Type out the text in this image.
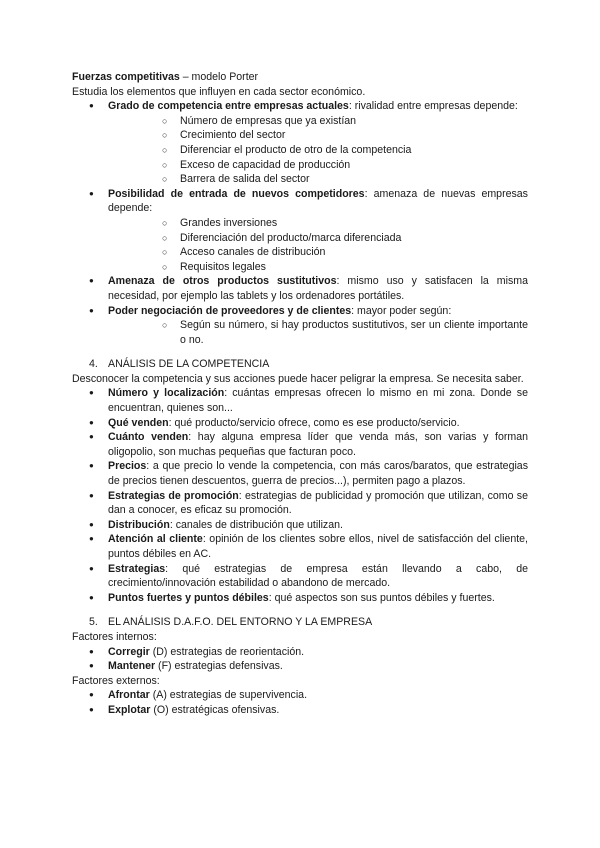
Fuerzas competitivas – modelo Porter

Estudia los elementos que influyen en cada sector económico.

● Grado de competencia entre empresas actuales: rivalidad entre empresas depende:
○ Número de empresas que ya existían
○ Crecimiento del sector
○ Diferenciar el producto de otro de la competencia
○ Exceso de capacidad de producción
○ Barrera de salida del sector
● Posibilidad de entrada de nuevos competidores: amenaza de nuevas empresas depende:
○ Grandes inversiones
○ Diferenciación del producto/marca diferenciada
○ Acceso canales de distribución
○ Requisitos legales
● Amenaza de otros productos sustitutivos: mismo uso y satisfacen la misma necesidad, por ejemplo las tablets y los ordenadores portátiles.
● Poder negociación de proveedores y de clientes: mayor poder según:
○ Según su número, si hay productos sustitutivos, ser un cliente importante o no.

4. ANÁLISIS DE LA COMPETENCIA

Desconocer la competencia y sus acciones puede hacer peligrar la empresa. Se necesita saber.

● Número y localización: cuántas empresas ofrecen lo mismo en mi zona. Donde se encuentran, quienes son...
● Qué venden: qué producto/servicio ofrece, como es ese producto/servicio.
● Cuánto venden: hay alguna empresa líder que venda más, son varias y forman oligopolio, son muchas pequeñas que facturan poco.
● Precios: a que precio lo vende la competencia, con más caros/baratos, que estrategias de precios tienen descuentos, guerra de precios...), permiten pago a plazos.
● Estrategias de promoción: estrategias de publicidad y promoción que utilizan, como se dan a conocer, es eficaz su promoción.
● Distribución: canales de distribución que utilizan.
● Atención al cliente: opinión de los clientes sobre ellos, nivel de satisfacción del cliente, puntos débiles en AC.
● Estrategias: qué estrategias de empresa están llevando a cabo, de crecimiento/innovación estabilidad o abandono de mercado.
● Puntos fuertes y puntos débiles: qué aspectos son sus puntos débiles y fuertes.

5. EL ANÁLISIS D.A.F.O. DEL ENTORNO Y LA EMPRESA

Factores internos:

● Corregir (D) estrategias de reorientación.
● Mantener (F) estrategias defensivas.

Factores externos:

● Afrontar (A) estrategias de supervivencia.
● Explotar (O) estratégicas ofensivas.
